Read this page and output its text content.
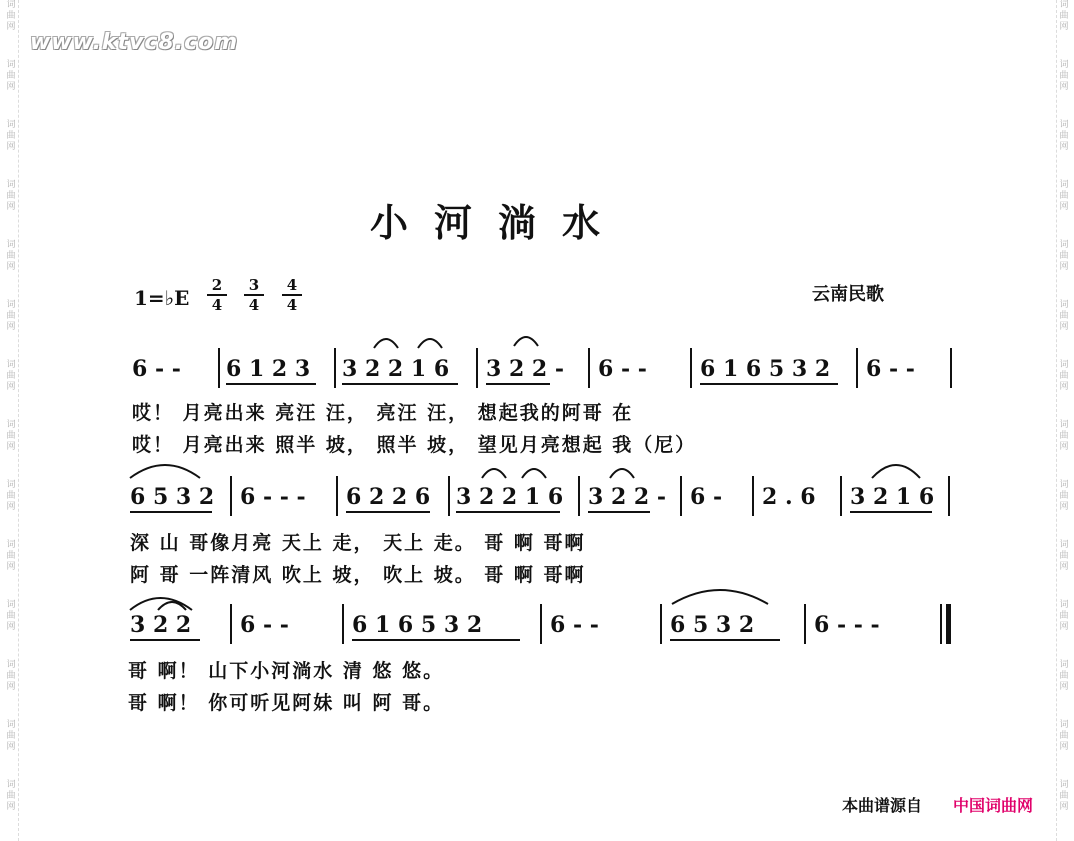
词
曲
网
词
曲
网
词
曲
网
词
曲
网
词
曲
网
词
曲
网
词
曲
网
词
曲
网
词
曲
网
词
曲
网
词
曲
网
词
曲
网
词
曲
网
词
曲
网
词
曲
网
词
曲
网
词
曲
网
词
曲
网
词
曲
网
词
曲
网
词
曲
网
词
曲
网
词
曲
网
词
曲
网
词
曲
网
词
曲
网
词
曲
网
词
曲
网
www.ktvc8.com
小河淌水
1=♭E
2
4
3
4
4
4	云南民歌
6 - - 6 1 2 3 3 2 2 1 6 3 2 2 - 6 - - 6 1 6 5 3 2 6 - -
哎！ 月亮出来 亮汪 汪， 亮汪 汪， 想起我的阿哥 在
哎！ 月亮出来 照半 坡， 照半 坡， 望见月亮想起 我（尼）
6 5 3 2 6 - - - 6 2 2 6 3 2 2 1 6 3 2 2 - 6 - 2 . 6 3 2 1 6
深 山 哥像月亮 天上 走， 天上 走。 哥 啊 哥啊
阿 哥 一阵清风 吹上 坡， 吹上 坡。 哥 啊 哥啊
3 2 2 6 - -	6 1 6 5 3 2	6 - -	6 5 3 2	6 - - -
哥 啊！ 山下小河淌水 清 悠 悠。
哥 啊！ 你可听见阿妹 叫 阿 哥。
本曲谱源自 中国词曲网
